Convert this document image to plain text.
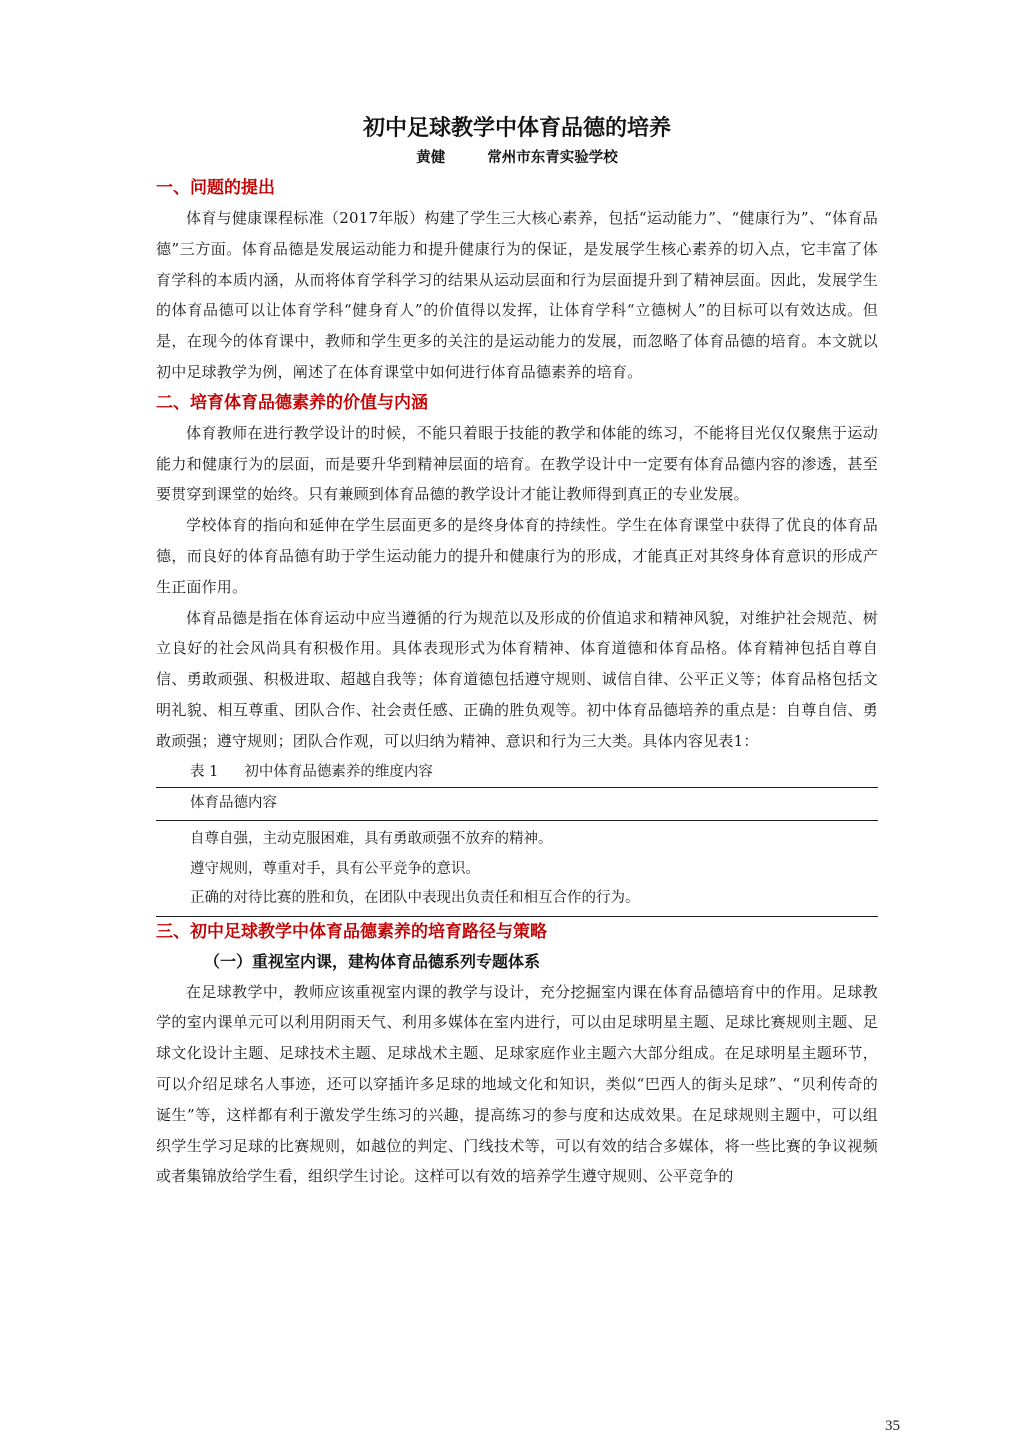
初中足球教学中体育品德的培养
黄健	常州市东青实验学校
一、问题的提出

体育与健康课程标准（2017年版）构建了学生三大核心素养，包括“运动能力”、“健康行为”、“体育品德”三方面。体育品德是发展运动能力和提升健康行为的保证，是发展学生核心素养的切入点，它丰富了体育学科的本质内涵，从而将体育学科学习的结果从运动层面和行为层面提升到了精神层面。因此，发展学生的体育品德可以让体育学科“健身育人”的价值得以发挥，让体育学科“立德树人”的目标可以有效达成。但是，在现今的体育课中，教师和学生更多的关注的是运动能力的发展，而忽略了体育品德的培育。本文就以初中足球教学为例，阐述了在体育课堂中如何进行体育品德素养的培育。

二、培育体育品德素养的价值与内涵

体育教师在进行教学设计的时候，不能只着眼于技能的教学和体能的练习，不能将目光仅仅聚焦于运动能力和健康行为的层面，而是要升华到精神层面的培育。在教学设计中一定要有体育品德内容的渗透，甚至要贯穿到课堂的始终。只有兼顾到体育品德的教学设计才能让教师得到真正的专业发展。

学校体育的指向和延伸在学生层面更多的是终身体育的持续性。学生在体育课堂中获得了优良的体育品德，而良好的体育品德有助于学生运动能力的提升和健康行为的形成，才能真正对其终身体育意识的形成产生正面作用。

体育品德是指在体育运动中应当遵循的行为规范以及形成的价值追求和精神风貌，对维护社会规范、树立良好的社会风尚具有积极作用。具体表现形式为体育精神、体育道德和体育品格。体育精神包括自尊自信、勇敢顽强、积极进取、超越自我等；体育道德包括遵守规则、诚信自律、公平正义等；体育品格包括文明礼貌、相互尊重、团队合作、社会责任感、正确的胜负观等。初中体育品德培养的重点是：自尊自信、勇敢顽强；遵守规则；团队合作观，可以归纳为精神、意识和行为三大类。具体内容见表1：

表 1 初中体育品德素养的维度内容
体育品德内容
自尊自强，主动克服困难，具有勇敢顽强不放弃的精神。
遵守规则，尊重对手，具有公平竞争的意识。
正确的对待比赛的胜和负，在团队中表现出负责任和相互合作的行为。
三、初中足球教学中体育品德素养的培育路径与策略
（一）重视室内课，建构体育品德系列专题体系

在足球教学中，教师应该重视室内课的教学与设计，充分挖掘室内课在体育品德培育中的作用。足球教学的室内课单元可以利用阴雨天气、利用多媒体在室内进行，可以由足球明星主题、足球比赛规则主题、足球文化设计主题、足球技术主题、足球战术主题、足球家庭作业主题六大部分组成。在足球明星主题环节，可以介绍足球名人事迹，还可以穿插许多足球的地域文化和知识，类似“巴西人的街头足球”、“贝利传奇的诞生”等，这样都有利于激发学生练习的兴趣，提高练习的参与度和达成效果。在足球规则主题中，可以组织学生学习足球的比赛规则，如越位的判定、门线技术等，可以有效的结合多媒体，将一些比赛的争议视频或者集锦放给学生看，组织学生讨论。这样可以有效的培养学生遵守规则、公平竞争的

35
